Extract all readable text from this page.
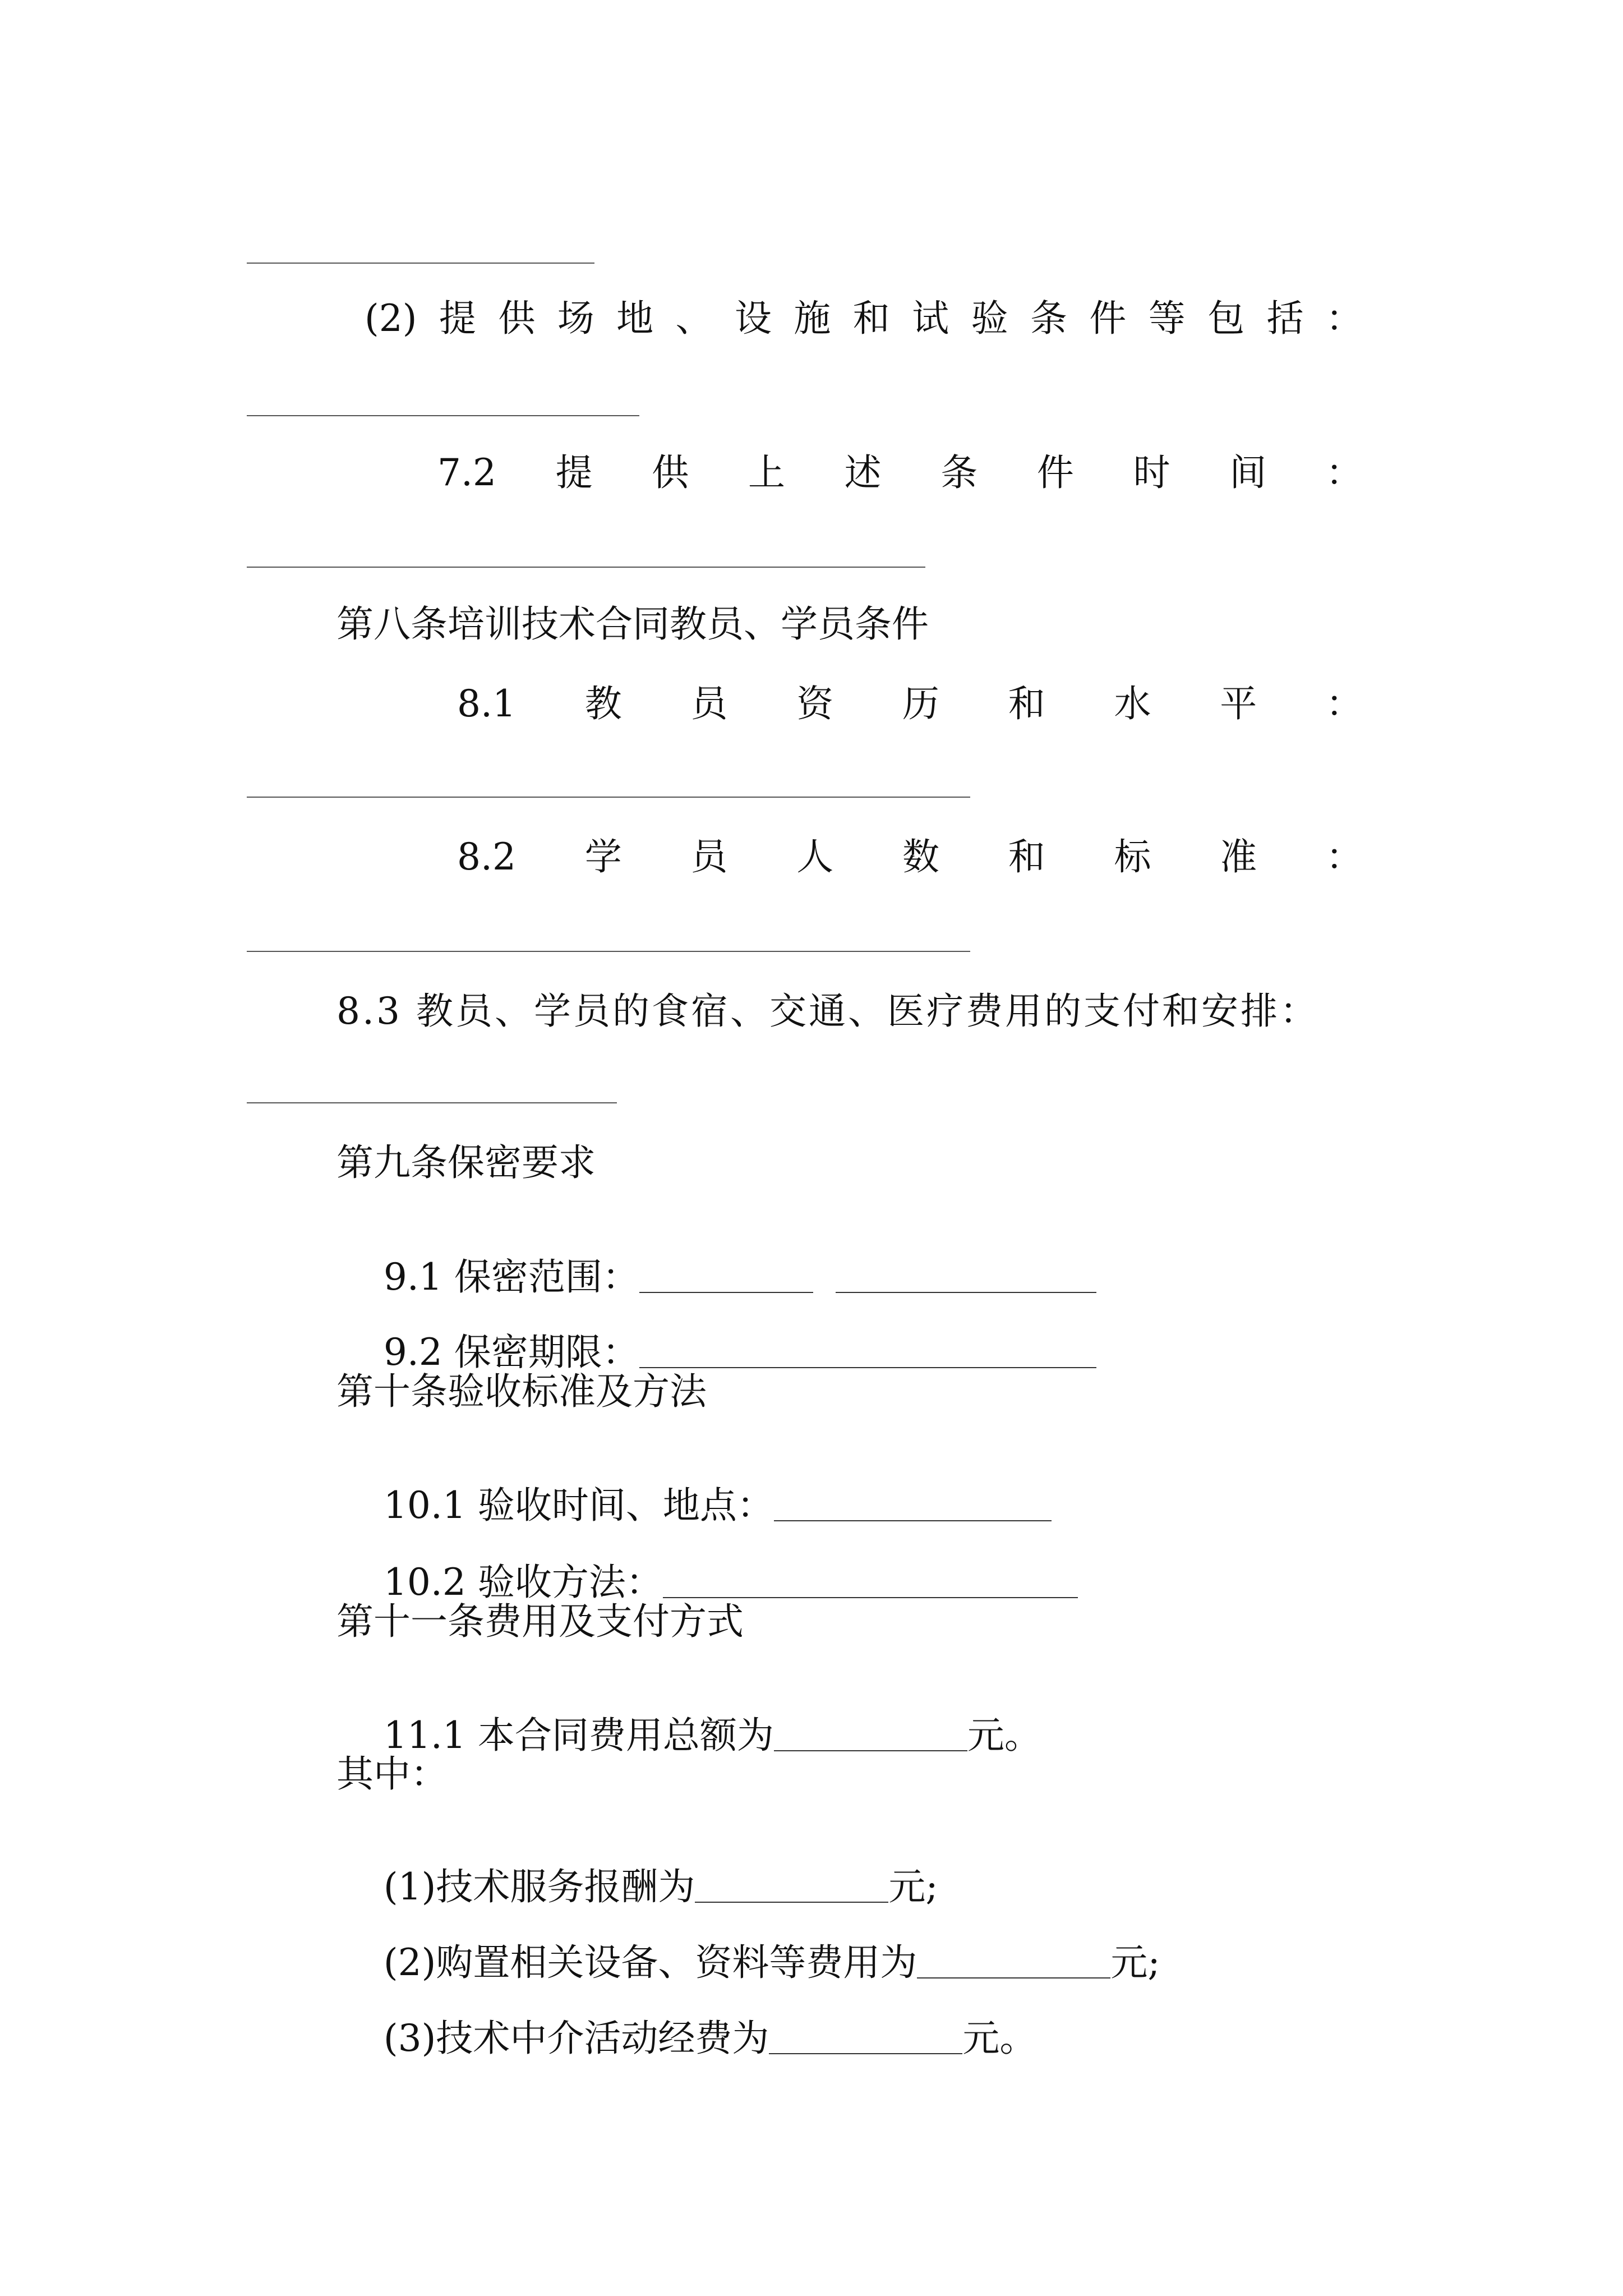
(2) 提 供 场 地 、 设 施 和 试 验 条 件 等 包 括 ：
7.2 提 供 上 述 条 件 时 间 ：
第八条培训技术合同教员、学员条件
8.1 教 员 资 历 和 水 平 ：
8.2 学 员 人 数 和 标 准 ：
8.3 教员、学员的食宿、交通、医疗费用的支付和安排：
第九条保密要求

9.1 保密范围：

9.2 保密期限：

第十条验收标准及方法

10.1 验收时间、地点：

10.2 验收方法：

第十一条费用及支付方式

11.1 本合同费用总额为	元。

其中：

(1)技术服务报酬为	元;

(2)购置相关设备、资料等费用为	元;

(3)技术中介活动经费为	元。
